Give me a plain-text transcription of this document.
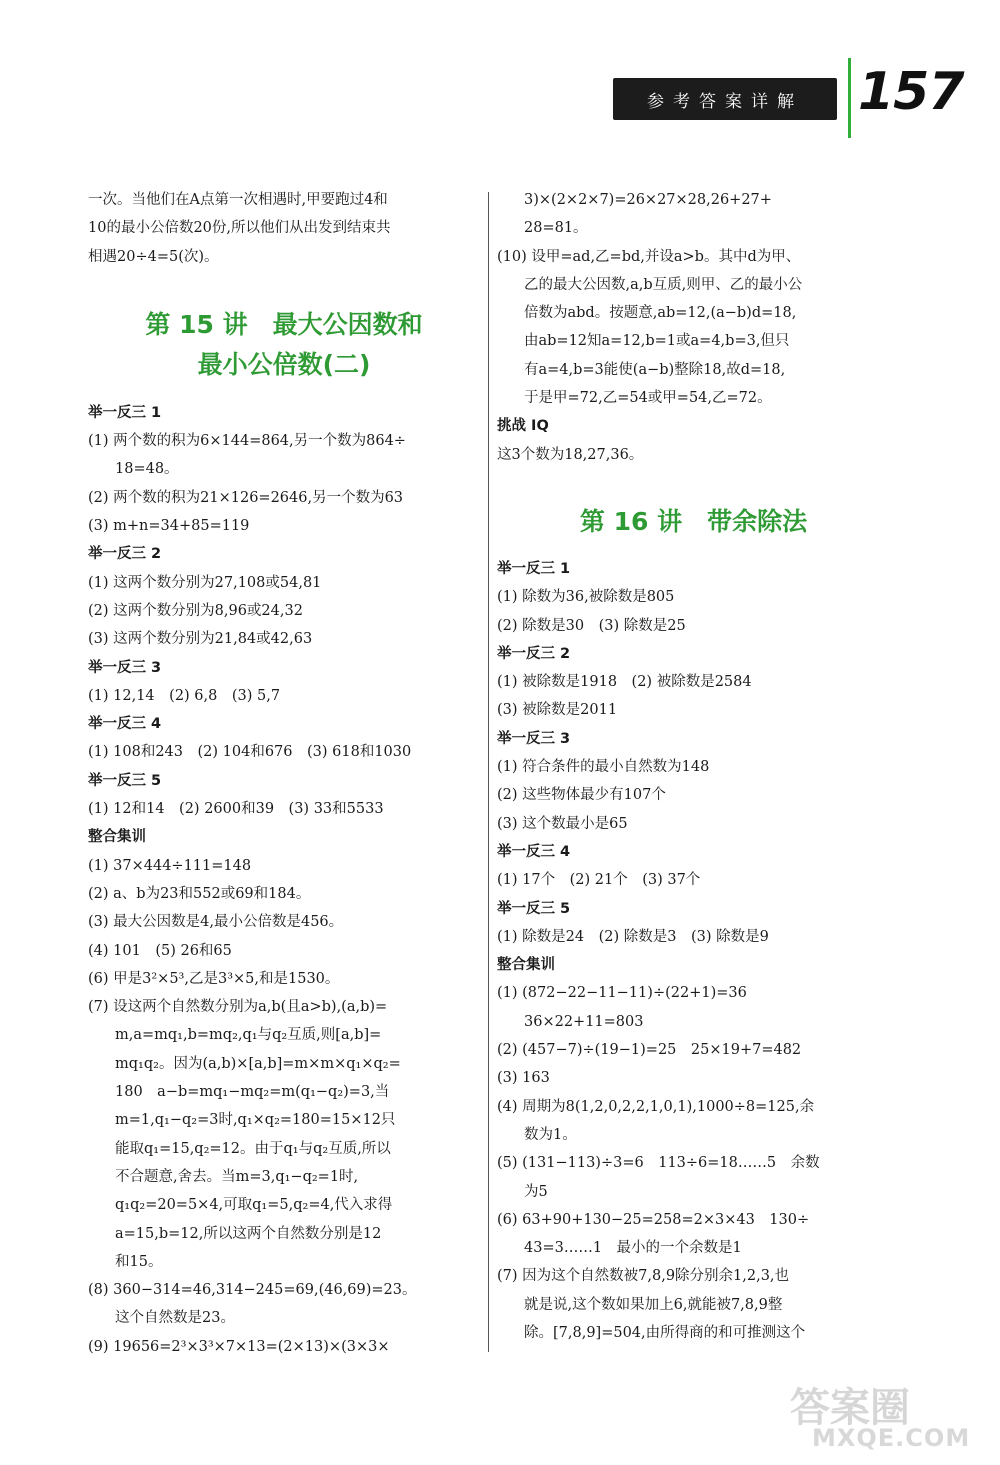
参考答案详解	157
一次。当他们在A点第一次相遇时,甲要跑过4和
10的最小公倍数20份,所以他们从出发到结束共
相遇20÷4=5(次)。
第 15 讲　最大公因数和
最小公倍数(二)
举一反三 1
(1) 两个数的积为6×144=864,另一个数为864÷
18=48。
(2) 两个数的积为21×126=2646,另一个数为63
(3) m+n=34+85=119
举一反三 2
(1) 这两个数分别为27,108或54,81
(2) 这两个数分别为8,96或24,32
(3) 这两个数分别为21,84或42,63
举一反三 3
(1) 12,14　(2) 6,8　(3) 5,7
举一反三 4
(1) 108和243　(2) 104和676　(3) 618和1030
举一反三 5
(1) 12和14　(2) 2600和39　(3) 33和5533
整合集训
(1) 37×444÷111=148
(2) a、b为23和552或69和184。
(3) 最大公因数是4,最小公倍数是456。
(4) 101　(5) 26和65
(6) 甲是3²×5³,乙是3³×5,和是1530。
(7) 设这两个自然数分别为a,b(且a>b),(a,b)=
m,a=mq₁,b=mq₂,q₁与q₂互质,则[a,b]=
mq₁q₂。因为(a,b)×[a,b]=m×m×q₁×q₂=
180　a−b=mq₁−mq₂=m(q₁−q₂)=3,当
m=1,q₁−q₂=3时,q₁×q₂=180=15×12只
能取q₁=15,q₂=12。由于q₁与q₂互质,所以
不合题意,舍去。当m=3,q₁−q₂=1时,
q₁q₂=20=5×4,可取q₁=5,q₂=4,代入求得
a=15,b=12,所以这两个自然数分别是12
和15。
(8) 360−314=46,314−245=69,(46,69)=23。
这个自然数是23。
(9) 19656=2³×3³×7×13=(2×13)×(3×3×
3)×(2×2×7)=26×27×28,26+27+
28=81。
(10) 设甲=ad,乙=bd,并设a>b。其中d为甲、
乙的最大公因数,a,b互质,则甲、乙的最小公
倍数为abd。按题意,ab=12,(a−b)d=18,
由ab=12知a=12,b=1或a=4,b=3,但只
有a=4,b=3能使(a−b)整除18,故d=18,
于是甲=72,乙=54或甲=54,乙=72。
挑战 IQ
这3个数为18,27,36。
第 16 讲　带余除法
举一反三 1
(1) 除数为36,被除数是805
(2) 除数是30　(3) 除数是25
举一反三 2
(1) 被除数是1918　(2) 被除数是2584
(3) 被除数是2011
举一反三 3
(1) 符合条件的最小自然数为148
(2) 这些物体最少有107个
(3) 这个数最小是65
举一反三 4
(1) 17个　(2) 21个　(3) 37个
举一反三 5
(1) 除数是24　(2) 除数是3　(3) 除数是9
整合集训
(1) (872−22−11−11)÷(22+1)=36
36×22+11=803
(2) (457−7)÷(19−1)=25　25×19+7=482
(3) 163
(4) 周期为8(1,2,0,2,2,1,0,1),1000÷8=125,余
数为1。
(5) (131−113)÷3=6　113÷6=18……5　余数
为5
(6) 63+90+130−25=258=2×3×43　130÷
43=3……1　最小的一个余数是1
(7) 因为这个自然数被7,8,9除分别余1,2,3,也
就是说,这个数如果加上6,就能被7,8,9整
除。[7,8,9]=504,由所得商的和可推测这个
答案圈
MXQE.COM
